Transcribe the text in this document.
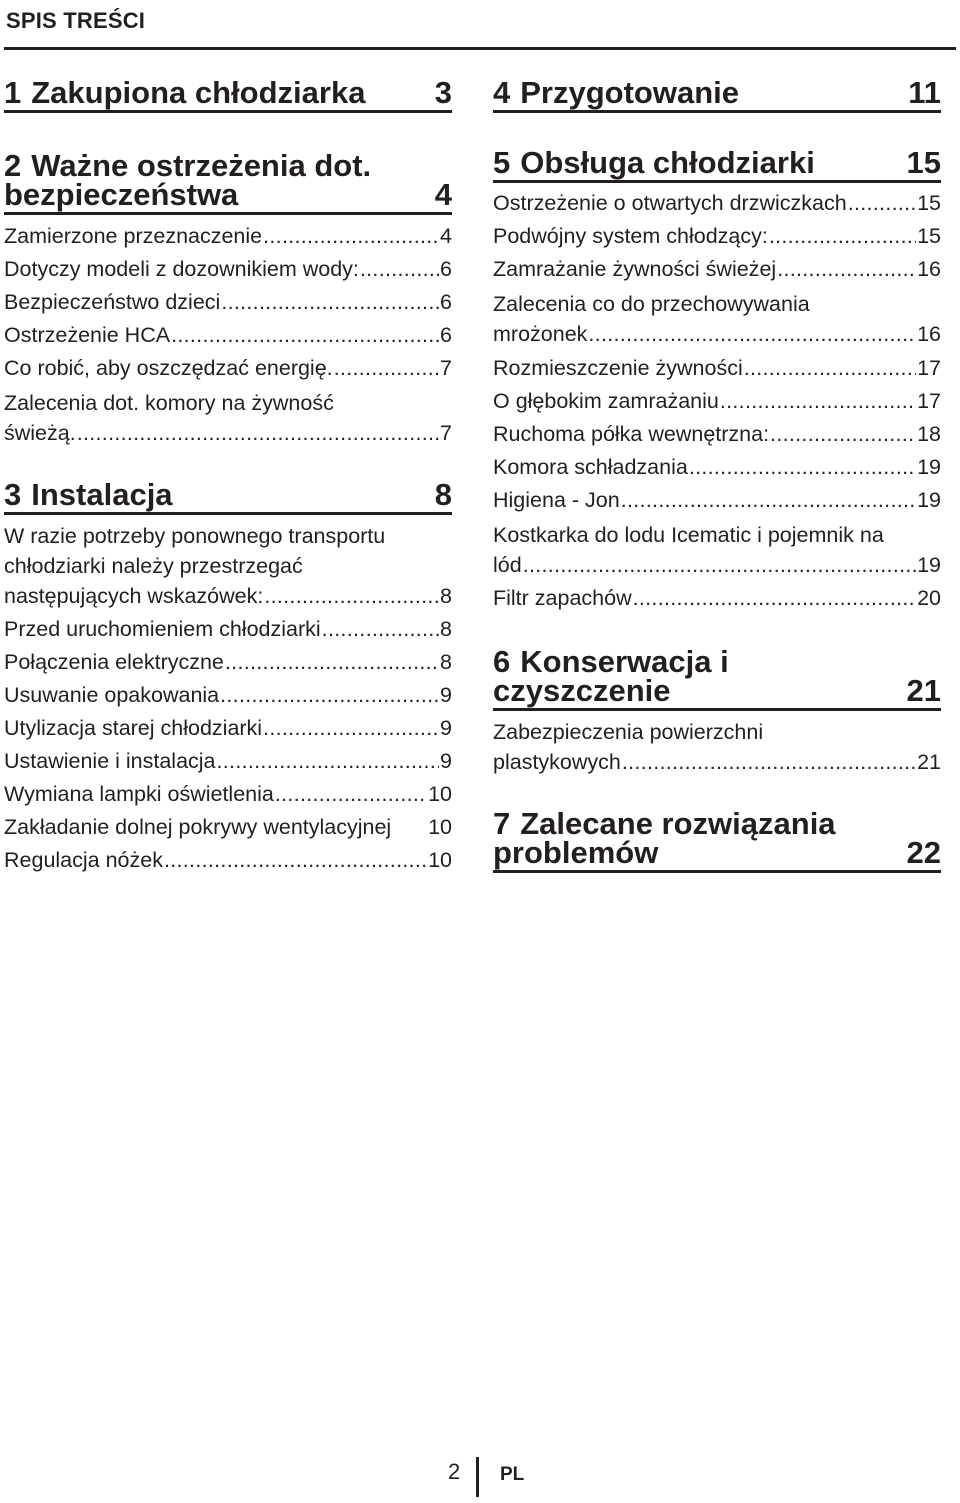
SPIS TREŚCI
1 Zakupiona chłodziarka 3
2 Ważne ostrzeżenia dot.
bezpieczeństwa	4
Zamierzone przeznaczenie .....	4
Dotyczy modeli z dozownikiem wody: .....	6
Bezpieczeństwo dzieci .....	6
Ostrzeżenie HCA .....	6
Co robić, aby oszczędzać energię. .....	7
Zalecenia dot. komory na żywność
świeżą. .....	7
3 Instalacja	8
W razie potrzeby ponownego transportu
chłodziarki należy przestrzegać
następujących wskazówek: .....	8
Przed uruchomieniem chłodziarki .....	8
Połączenia elektryczne .....	8
Usuwanie opakowania .....	9
Utylizacja starej chłodziarki .....	9
Ustawienie i instalacja .....	9
Wymiana lampki oświetlenia .....	10
Zakładanie dolnej pokrywy wentylacyjnej 10
Regulacja nóżek .....	10
4 Przygotowanie	11
5 Obsługa chłodziarki	15
Ostrzeżenie o otwartych drzwiczkach .....	15
Podwójny system chłodzący: .....	15
Zamrażanie żywności świeżej .....	16
Zalecenia co do przechowywania
mrożonek .....	16
Rozmieszczenie żywności .....	17
O głębokim zamrażaniu .....	17
Ruchoma półka wewnętrzna: .....	18
Komora schładzania .....	19
Higiena - Jon .....	19
Kostkarka do lodu Icematic i pojemnik na
lód .....	19
Filtr zapachów .....	20
6 Konserwacja i
czyszczenie	21
Zabezpieczenia powierzchni
plastykowych .....	21
7 Zalecane rozwiązania
problemów	22
2 PL
